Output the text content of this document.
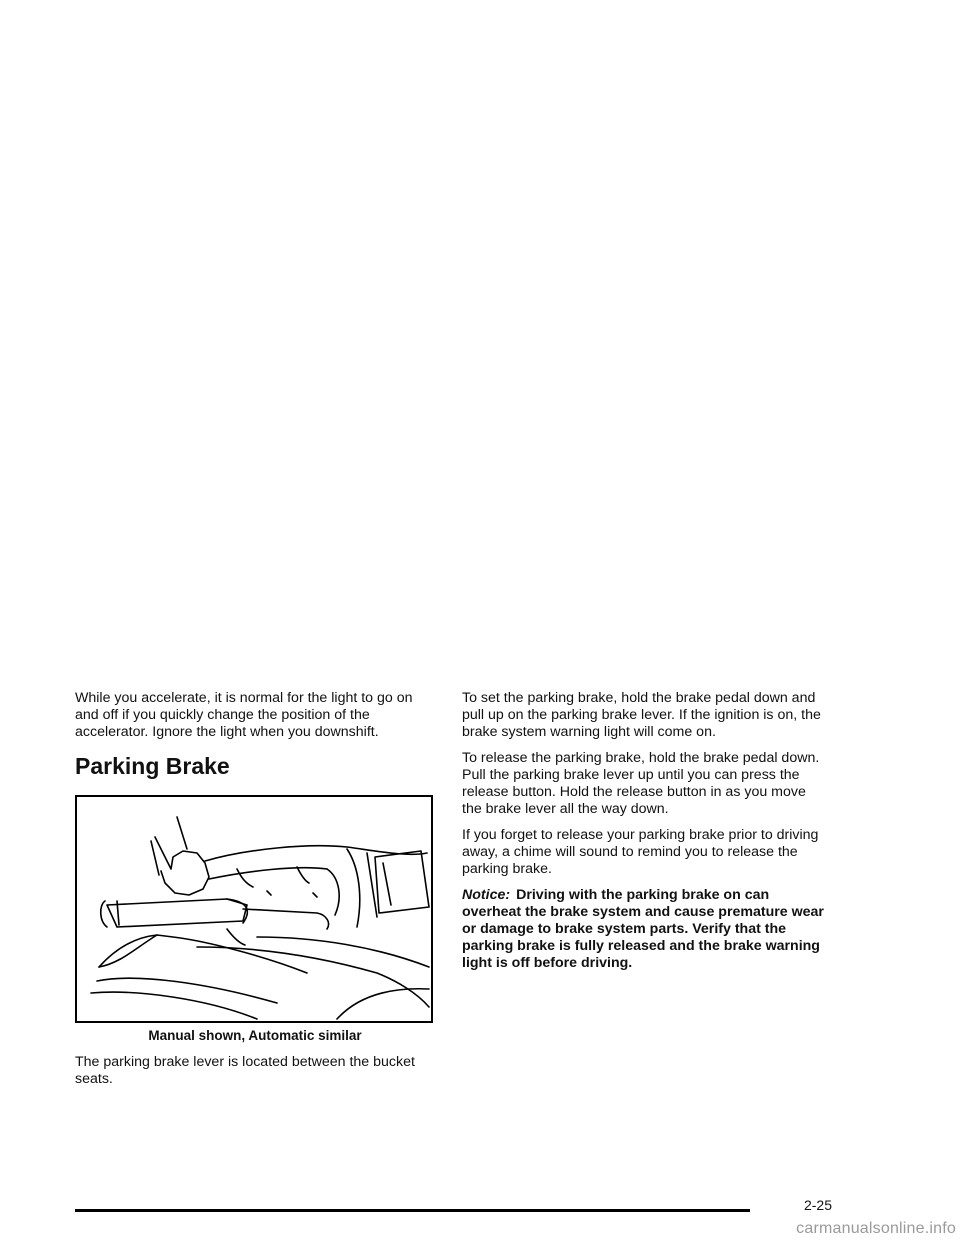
While you accelerate, it is normal for the light to go on and off if you quickly change the position of the accelerator. Ignore the light when you downshift.

Parking Brake
Manual shown, Automatic similar

The parking brake lever is located between the bucket seats.

To set the parking brake, hold the brake pedal down and pull up on the parking brake lever. If the ignition is on, the brake system warning light will come on.

To release the parking brake, hold the brake pedal down. Pull the parking brake lever up until you can press the release button. Hold the release button in as you move the brake lever all the way down.

If you forget to release your parking brake prior to driving away, a chime will sound to remind you to release the parking brake.

Notice: Driving with the parking brake on can overheat the brake system and cause premature wear or damage to brake system parts. Verify that the parking brake is fully released and the brake warning light is off before driving.

2-25
carmanualsonline.info
